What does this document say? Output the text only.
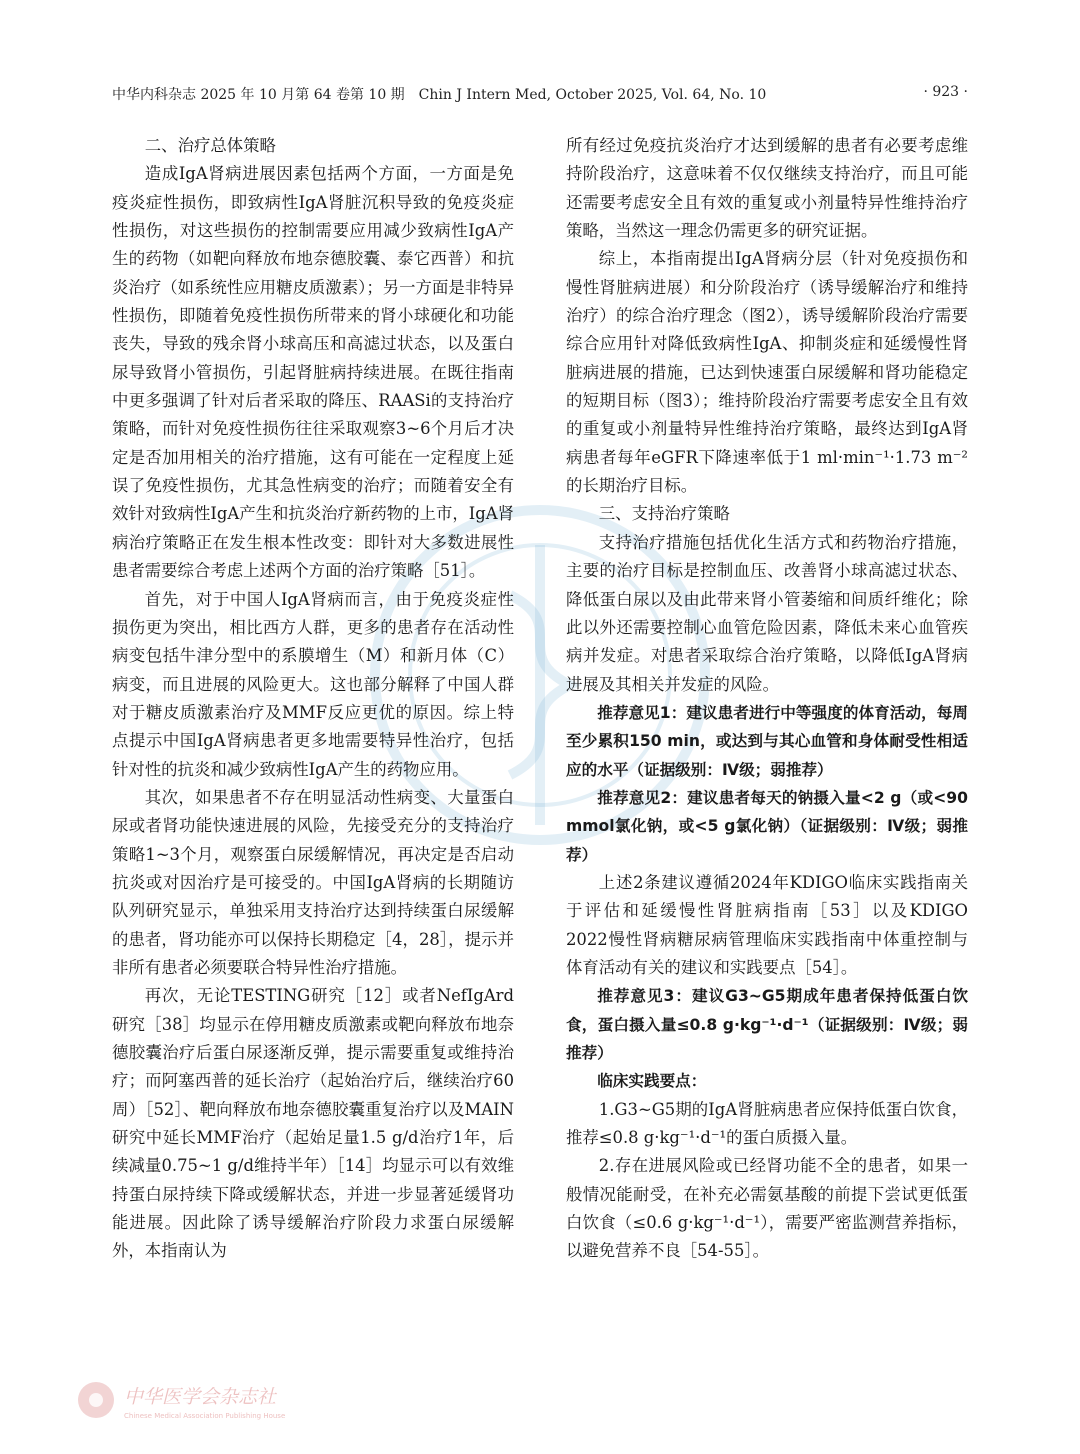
中华内科杂志 2025 年 10 月第 64 卷第 10 期　Chin J Intern Med, October 2025, Vol. 64, No. 10	· 923 ·

二、治疗总体策略

造成IgA肾病进展因素包括两个方面，一方面是免疫炎症性损伤，即致病性IgA肾脏沉积导致的免疫炎症性损伤，对这些损伤的控制需要应用减少致病性IgA产生的药物（如靶向释放布地奈德胶囊、泰它西普）和抗炎治疗（如系统性应用糖皮质激素）；另一方面是非特异性损伤，即随着免疫性损伤所带来的肾小球硬化和功能丧失，导致的残余肾小球高压和高滤过状态，以及蛋白尿导致肾小管损伤，引起肾脏病持续进展。在既往指南中更多强调了针对后者采取的降压、RAASi的支持治疗策略，而针对免疫性损伤往往采取观察3~6个月后才决定是否加用相关的治疗措施，这有可能在一定程度上延误了免疫性损伤，尤其急性病变的治疗；而随着安全有效针对致病性IgA产生和抗炎治疗新药物的上市，IgA肾病治疗策略正在发生根本性改变：即针对大多数进展性患者需要综合考虑上述两个方面的治疗策略［51］。

首先，对于中国人IgA肾病而言，由于免疫炎症性损伤更为突出，相比西方人群，更多的患者存在活动性病变包括牛津分型中的系膜增生（M）和新月体（C）病变，而且进展的风险更大。这也部分解释了中国人群对于糖皮质激素治疗及MMF反应更优的原因。综上特点提示中国IgA肾病患者更多地需要特异性治疗，包括针对性的抗炎和减少致病性IgA产生的药物应用。

其次，如果患者不存在明显活动性病变、大量蛋白尿或者肾功能快速进展的风险，先接受充分的支持治疗策略1~3个月，观察蛋白尿缓解情况，再决定是否启动抗炎或对因治疗是可接受的。中国IgA肾病的长期随访队列研究显示，单独采用支持治疗达到持续蛋白尿缓解的患者，肾功能亦可以保持长期稳定［4，28］，提示并非所有患者必须要联合特异性治疗措施。

再次，无论TESTING研究［12］或者NefIgArd研究［38］均显示在停用糖皮质激素或靶向释放布地奈德胶囊治疗后蛋白尿逐渐反弹，提示需要重复或维持治疗；而阿塞西普的延长治疗（起始治疗后，继续治疗60周）［52］、靶向释放布地奈德胶囊重复治疗以及MAIN研究中延长MMF治疗（起始足量1.5 g/d治疗1年，后续减量0.75~1 g/d维持半年）［14］均显示可以有效维持蛋白尿持续下降或缓解状态，并进一步显著延缓肾功能进展。因此除了诱导缓解治疗阶段力求蛋白尿缓解外，本指南认为

所有经过免疫抗炎治疗才达到缓解的患者有必要考虑维持阶段治疗，这意味着不仅仅继续支持治疗，而且可能还需要考虑安全且有效的重复或小剂量特异性维持治疗策略，当然这一理念仍需更多的研究证据。

综上，本指南提出IgA肾病分层（针对免疫损伤和慢性肾脏病进展）和分阶段治疗（诱导缓解治疗和维持治疗）的综合治疗理念（图2），诱导缓解阶段治疗需要综合应用针对降低致病性IgA、抑制炎症和延缓慢性肾脏病进展的措施，已达到快速蛋白尿缓解和肾功能稳定的短期目标（图3）；维持阶段治疗需要考虑安全且有效的重复或小剂量特异性维持治疗策略，最终达到IgA肾病患者每年eGFR下降速率低于1 ml·min⁻¹·1.73 m⁻²的长期治疗目标。

三、支持治疗策略

支持治疗措施包括优化生活方式和药物治疗措施，主要的治疗目标是控制血压、改善肾小球高滤过状态、降低蛋白尿以及由此带来肾小管萎缩和间质纤维化；除此以外还需要控制心血管危险因素，降低未来心血管疾病并发症。对患者采取综合治疗策略，以降低IgA肾病进展及其相关并发症的风险。

推荐意见1：建议患者进行中等强度的体育活动，每周至少累积150 min，或达到与其心血管和身体耐受性相适应的水平（证据级别：Ⅳ级；弱推荐）

推荐意见2：建议患者每天的钠摄入量<2 g（或<90 mmol氯化钠，或<5 g氯化钠）（证据级别：Ⅳ级；弱推荐）

上述2条建议遵循2024年KDIGO临床实践指南关于评估和延缓慢性肾脏病指南［53］以及KDIGO 2022慢性肾病糖尿病管理临床实践指南中体重控制与体育活动有关的建议和实践要点［54］。

推荐意见3：建议G3~G5期成年患者保持低蛋白饮食，蛋白摄入量≤0.8 g·kg⁻¹·d⁻¹（证据级别：Ⅳ级；弱推荐）

临床实践要点：

1.G3~G5期的IgA肾脏病患者应保持低蛋白饮食，推荐≤0.8 g·kg⁻¹·d⁻¹的蛋白质摄入量。

2.存在进展风险或已经肾功能不全的患者，如果一般情况能耐受，在补充必需氨基酸的前提下尝试更低蛋白饮食（≤0.6 g·kg⁻¹·d⁻¹），需要严密监测营养指标，以避免营养不良［54-55］。

中华医学会杂志社
Chinese Medical Association Publishing House
